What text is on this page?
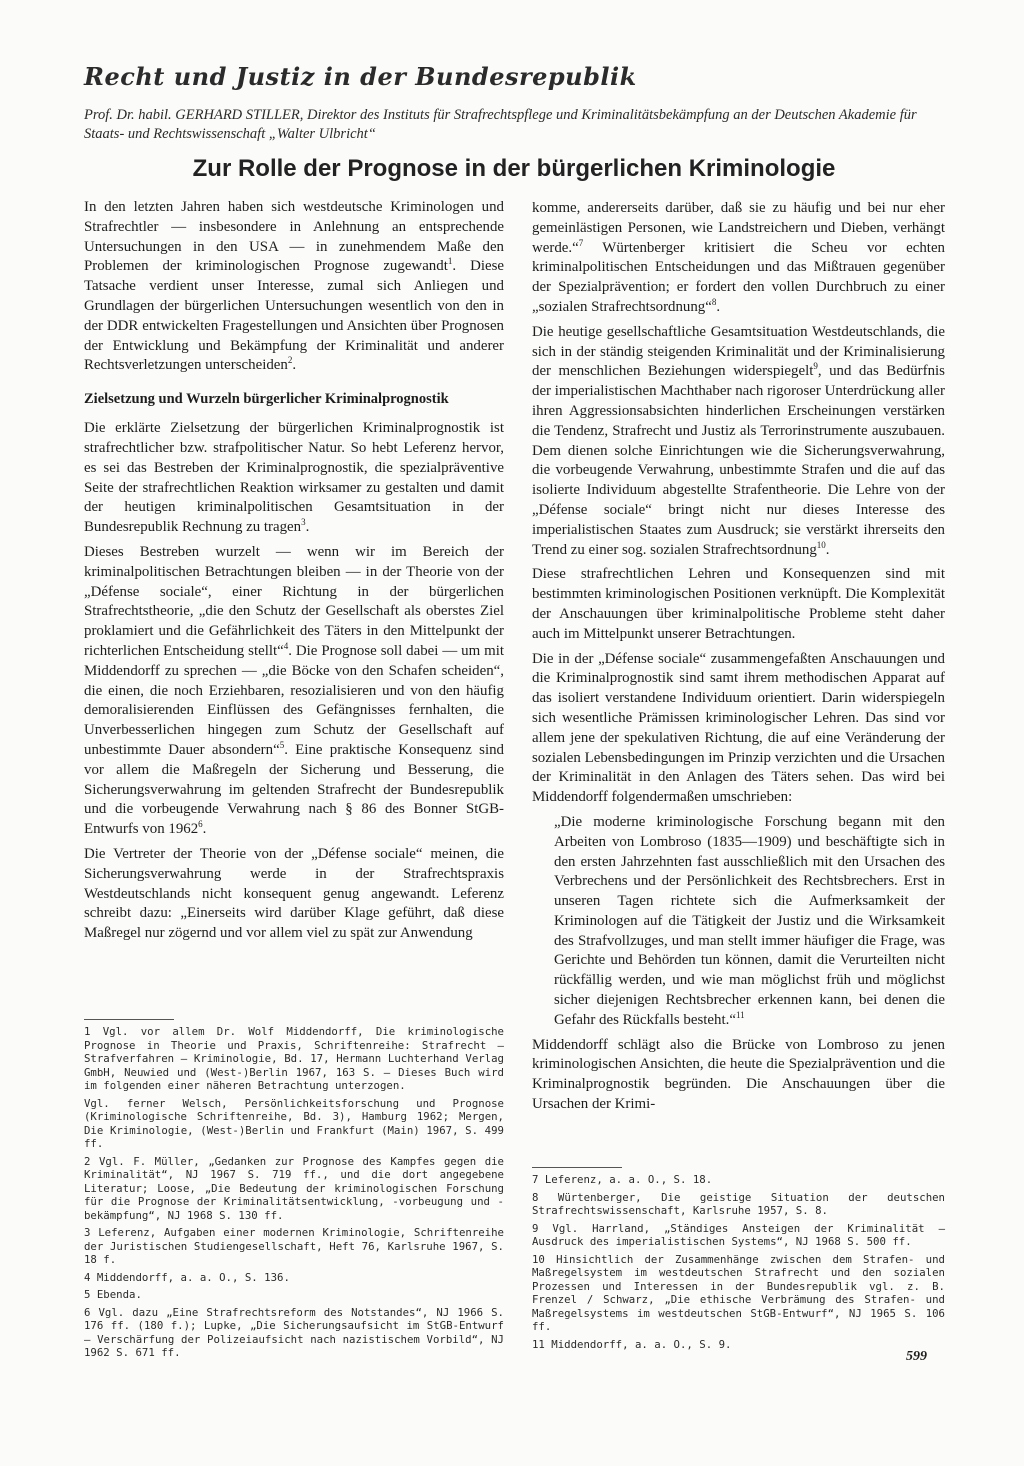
Recht und Justiz in der Bundesrepublik
Prof. Dr. habil. GERHARD STILLER, Direktor des Instituts für Strafrechtspflege und Kriminalitätsbekämpfung an der Deutschen Akademie für Staats- und Rechtswissenschaft „Walter Ulbricht“
Zur Rolle der Prognose in der bürgerlichen Kriminologie

In den letzten Jahren haben sich westdeutsche Kriminologen und Strafrechtler — insbesondere in Anlehnung an entsprechende Untersuchungen in den USA — in zunehmendem Maße den Problemen der kriminologischen Prognose zugewandt$^1$. Diese Tatsache verdient unser Interesse, zumal sich Anliegen und Grundlagen der bürgerlichen Untersuchungen wesentlich von den in der DDR entwickelten Fragestellungen und Ansichten über Prognosen der Entwicklung und Bekämpfung der Kriminalität und anderer Rechtsverletzungen unterscheiden$^2$.

Zielsetzung und Wurzeln bürgerlicher Kriminalprognostik

Die erklärte Zielsetzung der bürgerlichen Kriminalprognostik ist strafrechtlicher bzw. strafpolitischer Natur. So hebt Leferenz hervor, es sei das Bestreben der Kriminalprognostik, die spezialpräventive Seite der strafrechtlichen Reaktion wirksamer zu gestalten und damit der heutigen kriminalpolitischen Gesamtsituation in der Bundesrepublik Rechnung zu tragen$^3$.

Dieses Bestreben wurzelt — wenn wir im Bereich der kriminalpolitischen Betrachtungen bleiben — in der Theorie von der „Défense sociale“, einer Richtung in der bürgerlichen Strafrechtstheorie, „die den Schutz der Gesellschaft als oberstes Ziel proklamiert und die Gefährlichkeit des Täters in den Mittelpunkt der richterlichen Entscheidung stellt“$^4$. Die Prognose soll dabei — um mit Middendorff zu sprechen — „die Böcke von den Schafen scheiden“, die einen, die noch Erziehbaren, resozialisieren und von den häufig demoralisierenden Einflüssen des Gefängnisses fernhalten, die Unverbesserlichen hingegen zum Schutz der Gesellschaft auf unbestimmte Dauer absondern“$^5$. Eine praktische Konsequenz sind vor allem die Maßregeln der Sicherung und Besserung, die Sicherungsverwahrung im geltenden Strafrecht der Bundesrepublik und die vorbeugende Verwahrung nach § 86 des Bonner StGB-Entwurfs von 1962$^6$.

Die Vertreter der Theorie von der „Défense sociale“ meinen, die Sicherungsverwahrung werde in der Strafrechtspraxis Westdeutschlands nicht konsequent genug angewandt. Leferenz schreibt dazu: „Einerseits wird darüber Klage geführt, daß diese Maßregel nur zögernd und vor allem viel zu spät zur Anwendung

komme, andererseits darüber, daß sie zu häufig und bei nur eher gemeinlästigen Personen, wie Landstreichern und Dieben, verhängt werde.“$^7$ Würtenberger kritisiert die Scheu vor echten kriminalpolitischen Entscheidungen und das Mißtrauen gegenüber der Spezialprävention; er fordert den vollen Durchbruch zu einer „sozialen Strafrechtsordnung“$^8$.

Die heutige gesellschaftliche Gesamtsituation Westdeutschlands, die sich in der ständig steigenden Kriminalität und der Kriminalisierung der menschlichen Beziehungen widerspiegelt$^9$, und das Bedürfnis der imperialistischen Machthaber nach rigoroser Unterdrückung aller ihren Aggressionsabsichten hinderlichen Erscheinungen verstärken die Tendenz, Strafrecht und Justiz als Terrorinstrumente auszubauen. Dem dienen solche Einrichtungen wie die Sicherungsverwahrung, die vorbeugende Verwahrung, unbestimmte Strafen und die auf das isolierte Individuum abgestellte Strafentheorie. Die Lehre von der „Défense sociale“ bringt nicht nur dieses Interesse des imperialistischen Staates zum Ausdruck; sie verstärkt ihrerseits den Trend zu einer sog. sozialen Strafrechtsordnung$^{10}$.

Diese strafrechtlichen Lehren und Konsequenzen sind mit bestimmten kriminologischen Positionen verknüpft. Die Komplexität der Anschauungen über kriminalpolitische Probleme steht daher auch im Mittelpunkt unserer Betrachtungen.

Die in der „Défense sociale“ zusammengefaßten Anschauungen und die Kriminalprognostik sind samt ihrem methodischen Apparat auf das isoliert verstandene Individuum orientiert. Darin widerspiegeln sich wesentliche Prämissen kriminologischer Lehren. Das sind vor allem jene der spekulativen Richtung, die auf eine Veränderung der sozialen Lebensbedingungen im Prinzip verzichten und die Ursachen der Kriminalität in den Anlagen des Täters sehen. Das wird bei Middendorff folgendermaßen umschrieben:

„Die moderne kriminologische Forschung begann mit den Arbeiten von Lombroso (1835—1909) und beschäftigte sich in den ersten Jahrzehnten fast ausschließlich mit den Ursachen des Verbrechens und der Persönlichkeit des Rechtsbrechers. Erst in unseren Tagen richtete sich die Aufmerksamkeit der Kriminologen auf die Tätigkeit der Justiz und die Wirksamkeit des Strafvollzuges, und man stellt immer häufiger die Frage, was Gerichte und Behörden tun können, damit die Verurteilten nicht rückfällig werden, und wie man möglichst früh und möglichst sicher diejenigen Rechtsbrecher erkennen kann, bei denen die Gefahr des Rückfalls besteht.“$^{11}$

Middendorff schlägt also die Brücke von Lombroso zu jenen kriminologischen Ansichten, die heute die Spezialprävention und die Kriminalprognostik begründen. Die Anschauungen über die Ursachen der Krimi-

1 Vgl. vor allem Dr. Wolf Middendorff, Die kriminologische Prognose in Theorie und Praxis, Schriftenreihe: Strafrecht — Strafverfahren — Kriminologie, Bd. 17, Hermann Luchterhand Verlag GmbH, Neuwied und (West-)Berlin 1967, 163 S. — Dieses Buch wird im folgenden einer näheren Betrachtung unterzogen.

Vgl. ferner Welsch, Persönlichkeitsforschung und Prognose (Kriminologische Schriftenreihe, Bd. 3), Hamburg 1962; Mergen, Die Kriminologie, (West-)Berlin und Frankfurt (Main) 1967, S. 499 ff.

2 Vgl. F. Müller, „Gedanken zur Prognose des Kampfes gegen die Kriminalität“, NJ 1967 S. 719 ff., und die dort angegebene Literatur; Loose, „Die Bedeutung der kriminologischen Forschung für die Prognose der Kriminalitätsentwicklung, -vorbeugung und -bekämpfung“, NJ 1968 S. 130 ff.

3 Leferenz, Aufgaben einer modernen Kriminologie, Schriftenreihe der Juristischen Studiengesellschaft, Heft 76, Karlsruhe 1967, S. 18 f.

4 Middendorff, a. a. O., S. 136.

5 Ebenda.

6 Vgl. dazu „Eine Strafrechtsreform des Notstandes“, NJ 1966 S. 176 ff. (180 f.); Lupke, „Die Sicherungsaufsicht im StGB-Entwurf — Verschärfung der Polizeiaufsicht nach nazistischem Vorbild“, NJ 1962 S. 671 ff.

7 Leferenz, a. a. O., S. 18.

8 Würtenberger, Die geistige Situation der deutschen Strafrechtswissenschaft, Karlsruhe 1957, S. 8.

9 Vgl. Harrland, „Ständiges Ansteigen der Kriminalität — Ausdruck des imperialistischen Systems“, NJ 1968 S. 500 ff.

10 Hinsichtlich der Zusammenhänge zwischen dem Strafen- und Maßregelsystem im westdeutschen Strafrecht und den sozialen Prozessen und Interessen in der Bundesrepublik vgl. z. B. Frenzel / Schwarz, „Die ethische Verbrämung des Strafen- und Maßregelsystems im westdeutschen StGB-Entwurf“, NJ 1965 S. 106 ff.

11 Middendorff, a. a. O., S. 9.

599
